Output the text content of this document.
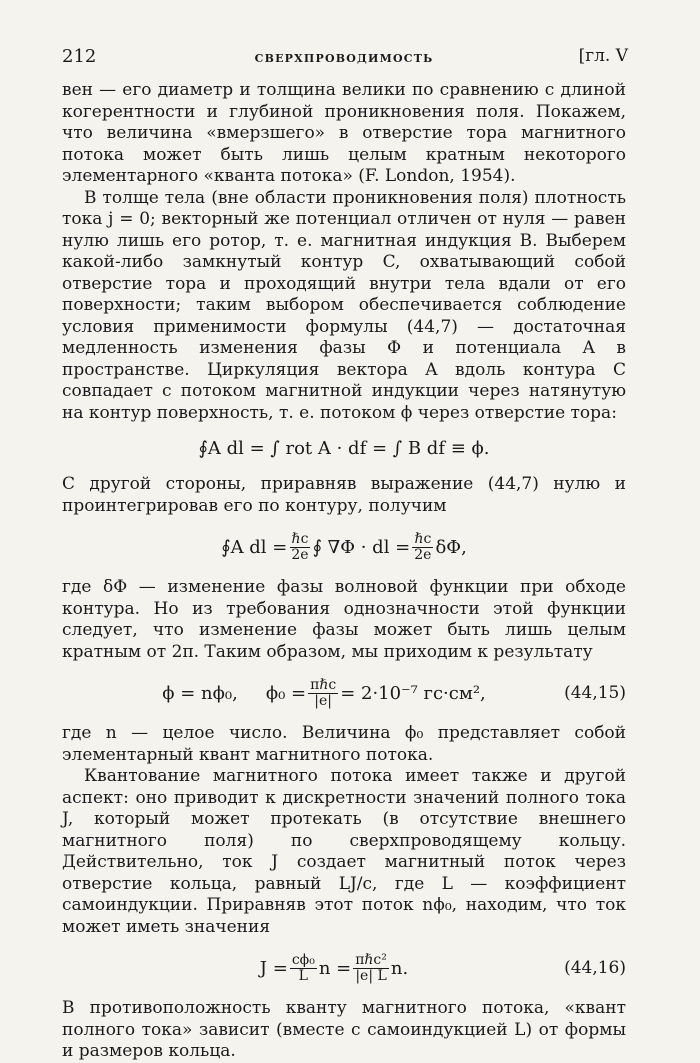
212	СВЕРХПРОВОДИМОСТЬ	[гл. V

вен — его диаметр и толщина велики по сравнению с длиной когерентности и глубиной проникновения поля. Покажем, что величина «вмерзшего» в отверстие тора магнитного потока может быть лишь целым кратным некоторого элементарного «кванта потока» (F. London, 1954).

В толще тела (вне области проникновения поля) плотность тока j = 0; векторный же потенциал отличен от нуля — равен нулю лишь его ротор, т. е. магнитная индукция B. Выберем какой-либо замкнутый контур C, охватывающий собой отверстие тора и проходящий внутри тела вдали от его поверхности; таким выбором обеспечивается соблюдение условия применимости формулы (44,7) — достаточная медленность изменения фазы Φ и потенциала A в пространстве. Циркуляция вектора A вдоль контура C совпадает с потоком магнитной индукции через натянутую на контур поверхность, т. е. потоком ϕ через отверстие тора:

∮A dl = ∫ rot A · df = ∫ B df ≡ ϕ.

С другой стороны, приравняв выражение (44,7) нулю и проинтегрировав его по контуру, получим

∮A dl = $\frac{\text{ℏc}}{2e}$ ∮ ∇Φ · dl = $\frac{\text{ℏc}}{2e} \delta\Phi$,

где δΦ — изменение фазы волновой функции при обходе контура. Но из требования однозначности этой функции следует, что изменение фазы может быть лишь целым кратным от 2π. Таким образом, мы приходим к результату

ϕ = nϕ₀, $\phi_0 = \frac{\text{πℏc}}{|e|} = 2\cdot 10^{-7}$ гс·см²,	(44,15)

где n — целое число. Величина ϕ₀ представляет собой элементарный квант магнитного потока.

Квантование магнитного потока имеет также и другой аспект: оно приводит к дискретности значений полного тока J, который может протекать (в отсутствие внешнего магнитного поля) по сверхпроводящему кольцу. Действительно, ток J создает магнитный поток через отверстие кольца, равный LJ/c, где L — коэффициент самоиндукции. Приравняв этот поток nϕ₀, находим, что ток может иметь значения

$J = \frac{\text{cϕ₀}}{L}$ $n = \frac{\text{πℏc²}}{|e| L} n$.	(44,16)

В противоположность кванту магнитного потока, «квант полного тока» зависит (вместе с самоиндукцией L) от формы и размеров кольца.
